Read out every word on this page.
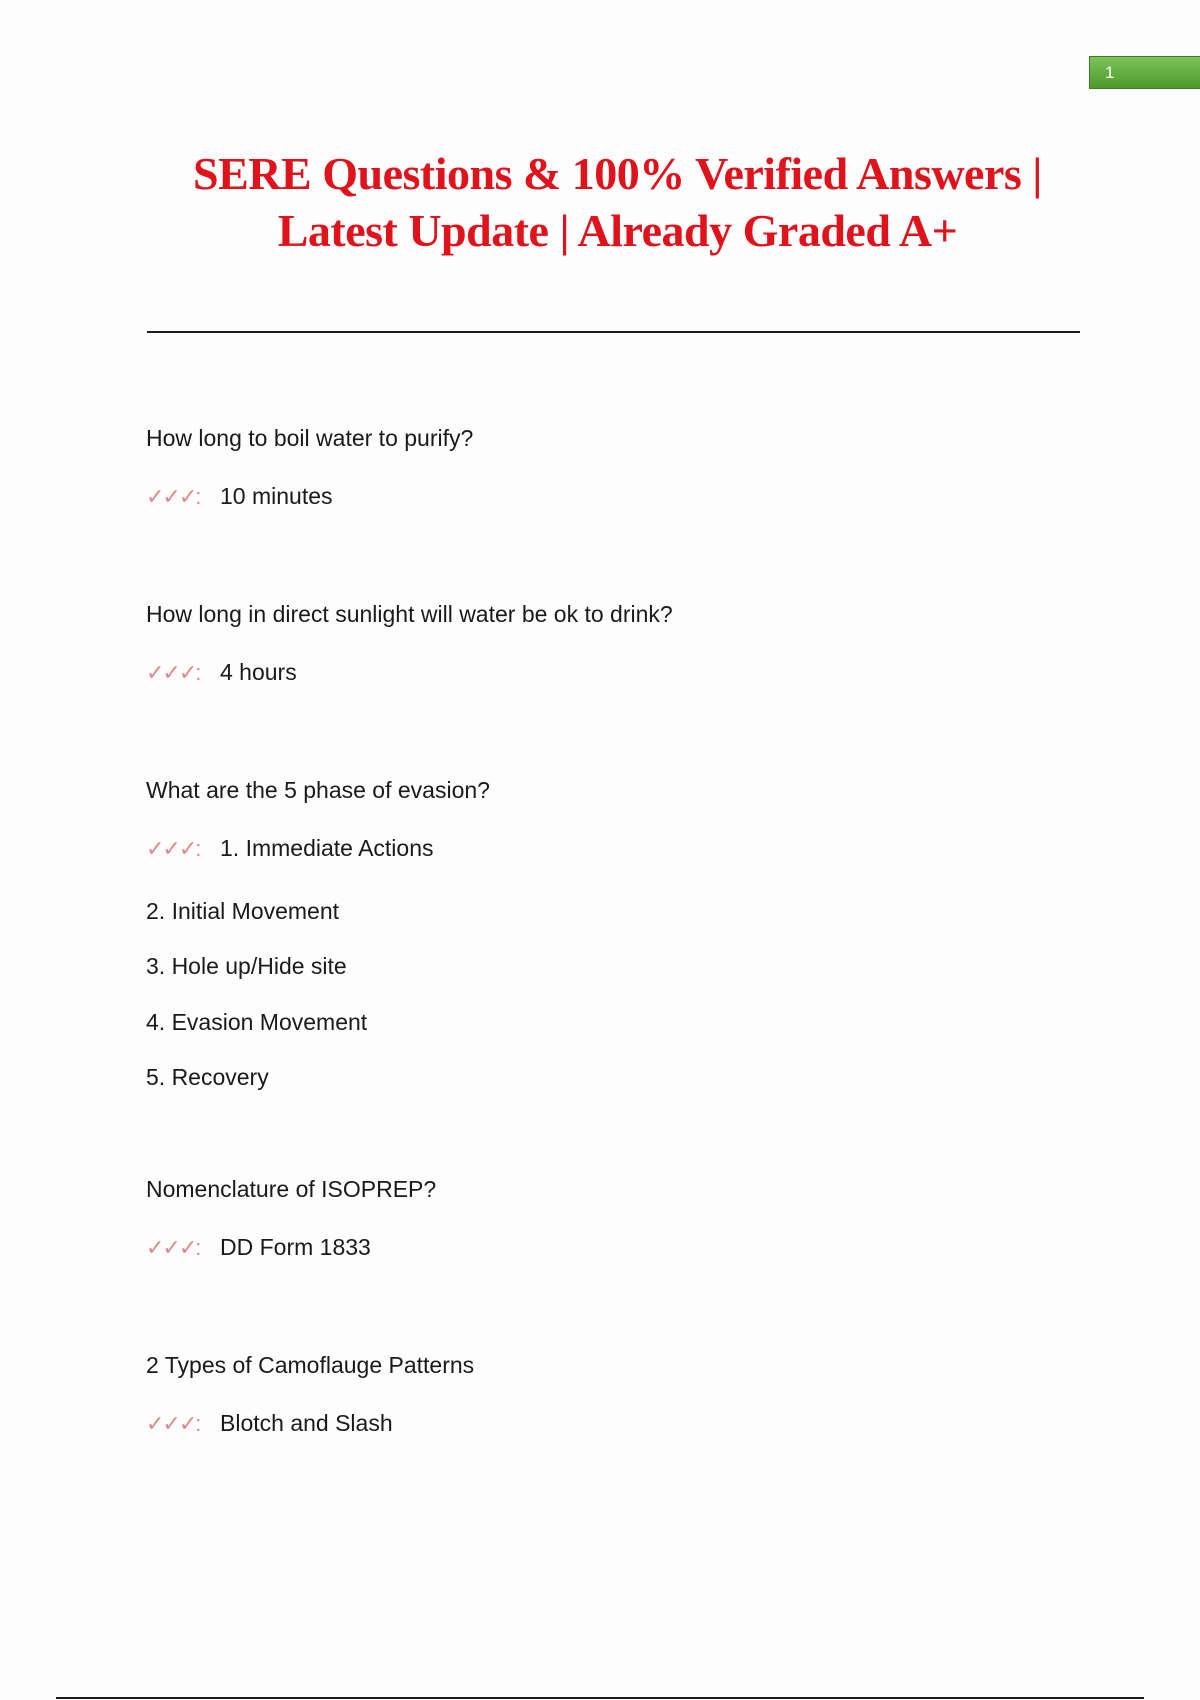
1
SERE Questions & 100% Verified Answers |
Latest Update | Already Graded A+
How long to boil water to purify?
✓✓✓: 10 minutes
How long in direct sunlight will water be ok to drink?
✓✓✓: 4 hours
What are the 5 phase of evasion?
✓✓✓: 1. Immediate Actions
2. Initial Movement
3. Hole up/Hide site
4. Evasion Movement
5. Recovery
Nomenclature of ISOPREP?
✓✓✓: DD Form 1833
2 Types of Camoflauge Patterns
✓✓✓: Blotch and Slash
